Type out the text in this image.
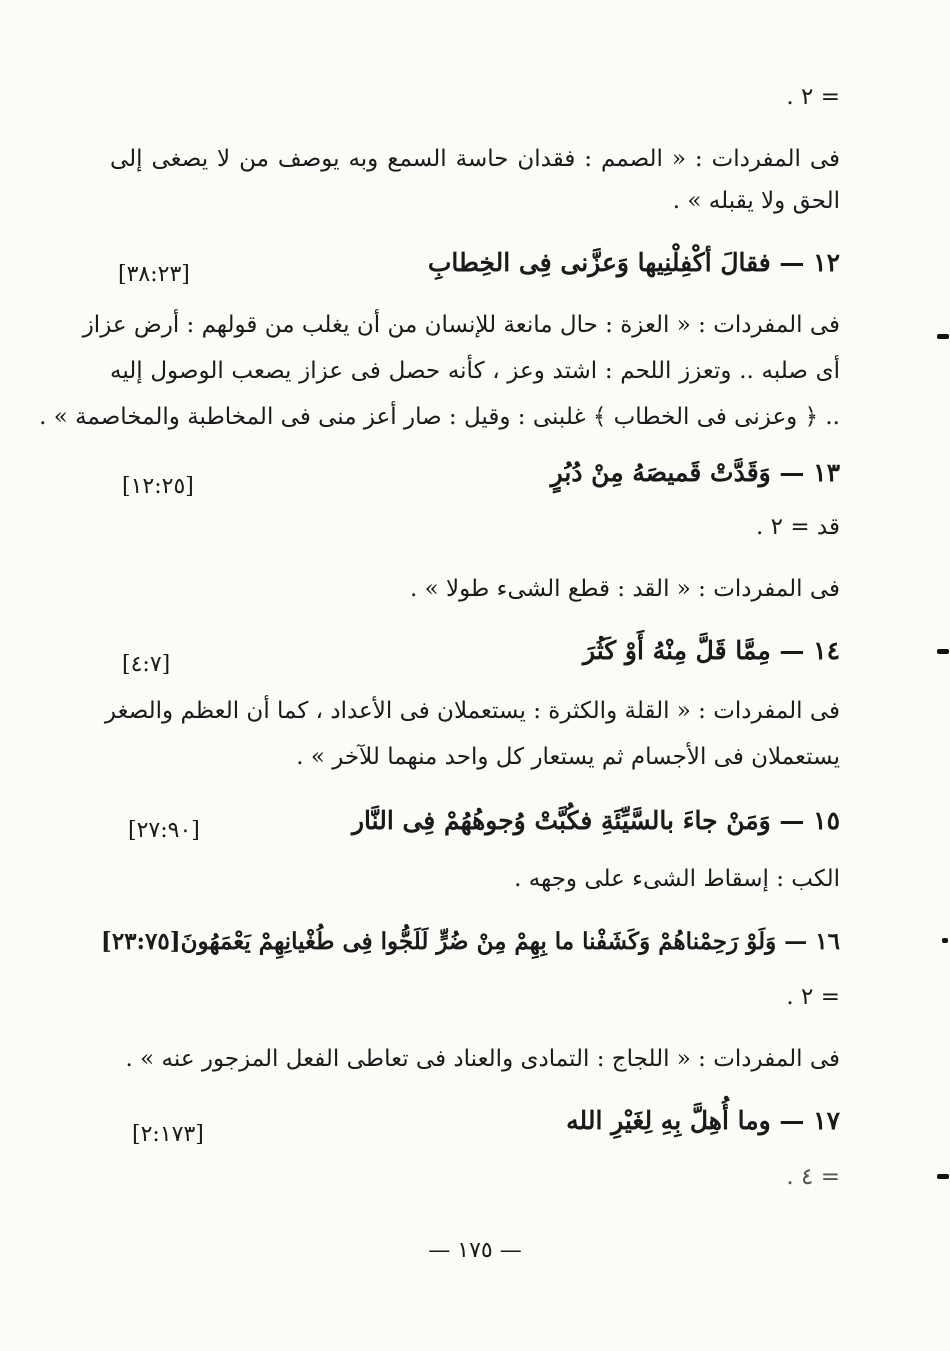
= ٢ .
فى المفردات : « الصمم : فقدان حاسة السمع وبه يوصف من لا يصغى إلى
الحق ولا يقبله » .
١٢ — فقالَ أكْفِلْنِيها وَعزَّنى فِى الخِطابِ
[٣٨:٢٣]
فى المفردات : « العزة : حال مانعة للإنسان من أن يغلب من قولهم : أرض عزاز
أى صلبه .. وتعزز اللحم : اشتد وعز ، كأنه حصل فى عزاز يصعب الوصول إليه
.. ﴿ وعزنى فى الخطاب ﴾ غلبنى : وقيل : صار أعز منى فى المخاطبة والمخاصمة » .
١٣ — وَقَدَّتْ قَميصَهُ مِنْ دُبُرٍ
[١٢:٢٥]
قد = ٢ .
فى المفردات : « القد : قطع الشىء طولا » .
١٤ — مِمَّا قَلَّ مِنْهُ أَوْ كَثُرَ
[٤:٧]
فى المفردات : « القلة والكثرة : يستعملان فى الأعداد ، كما أن العظم والصغر
يستعملان فى الأجسام ثم يستعار كل واحد منهما للآخر » .
١٥ — وَمَنْ جاءَ بالسَّيِّئَةِ فكُبَّتْ وُجوهُهُمْ فِى النَّار
[٢٧:٩٠]
الكب : إسقاط الشىء على وجهه .
١٦ — وَلَوْ رَحِمْناهُمْ وَكَشَفْنا ما بِهِمْ مِنْ ضُرٍّ لَلَجُّوا فِى طُغْيانِهِمْ يَعْمَهُونَ[٢٣:٧٥]
= ٢ .
فى المفردات : « اللجاج : التمادى والعناد فى تعاطى الفعل المزجور عنه » .
١٧ — وما أُهِلَّ بِهِ لِغَيْرِ الله
[٢:١٧٣]
= ٤ .
— ١٧٥ —
